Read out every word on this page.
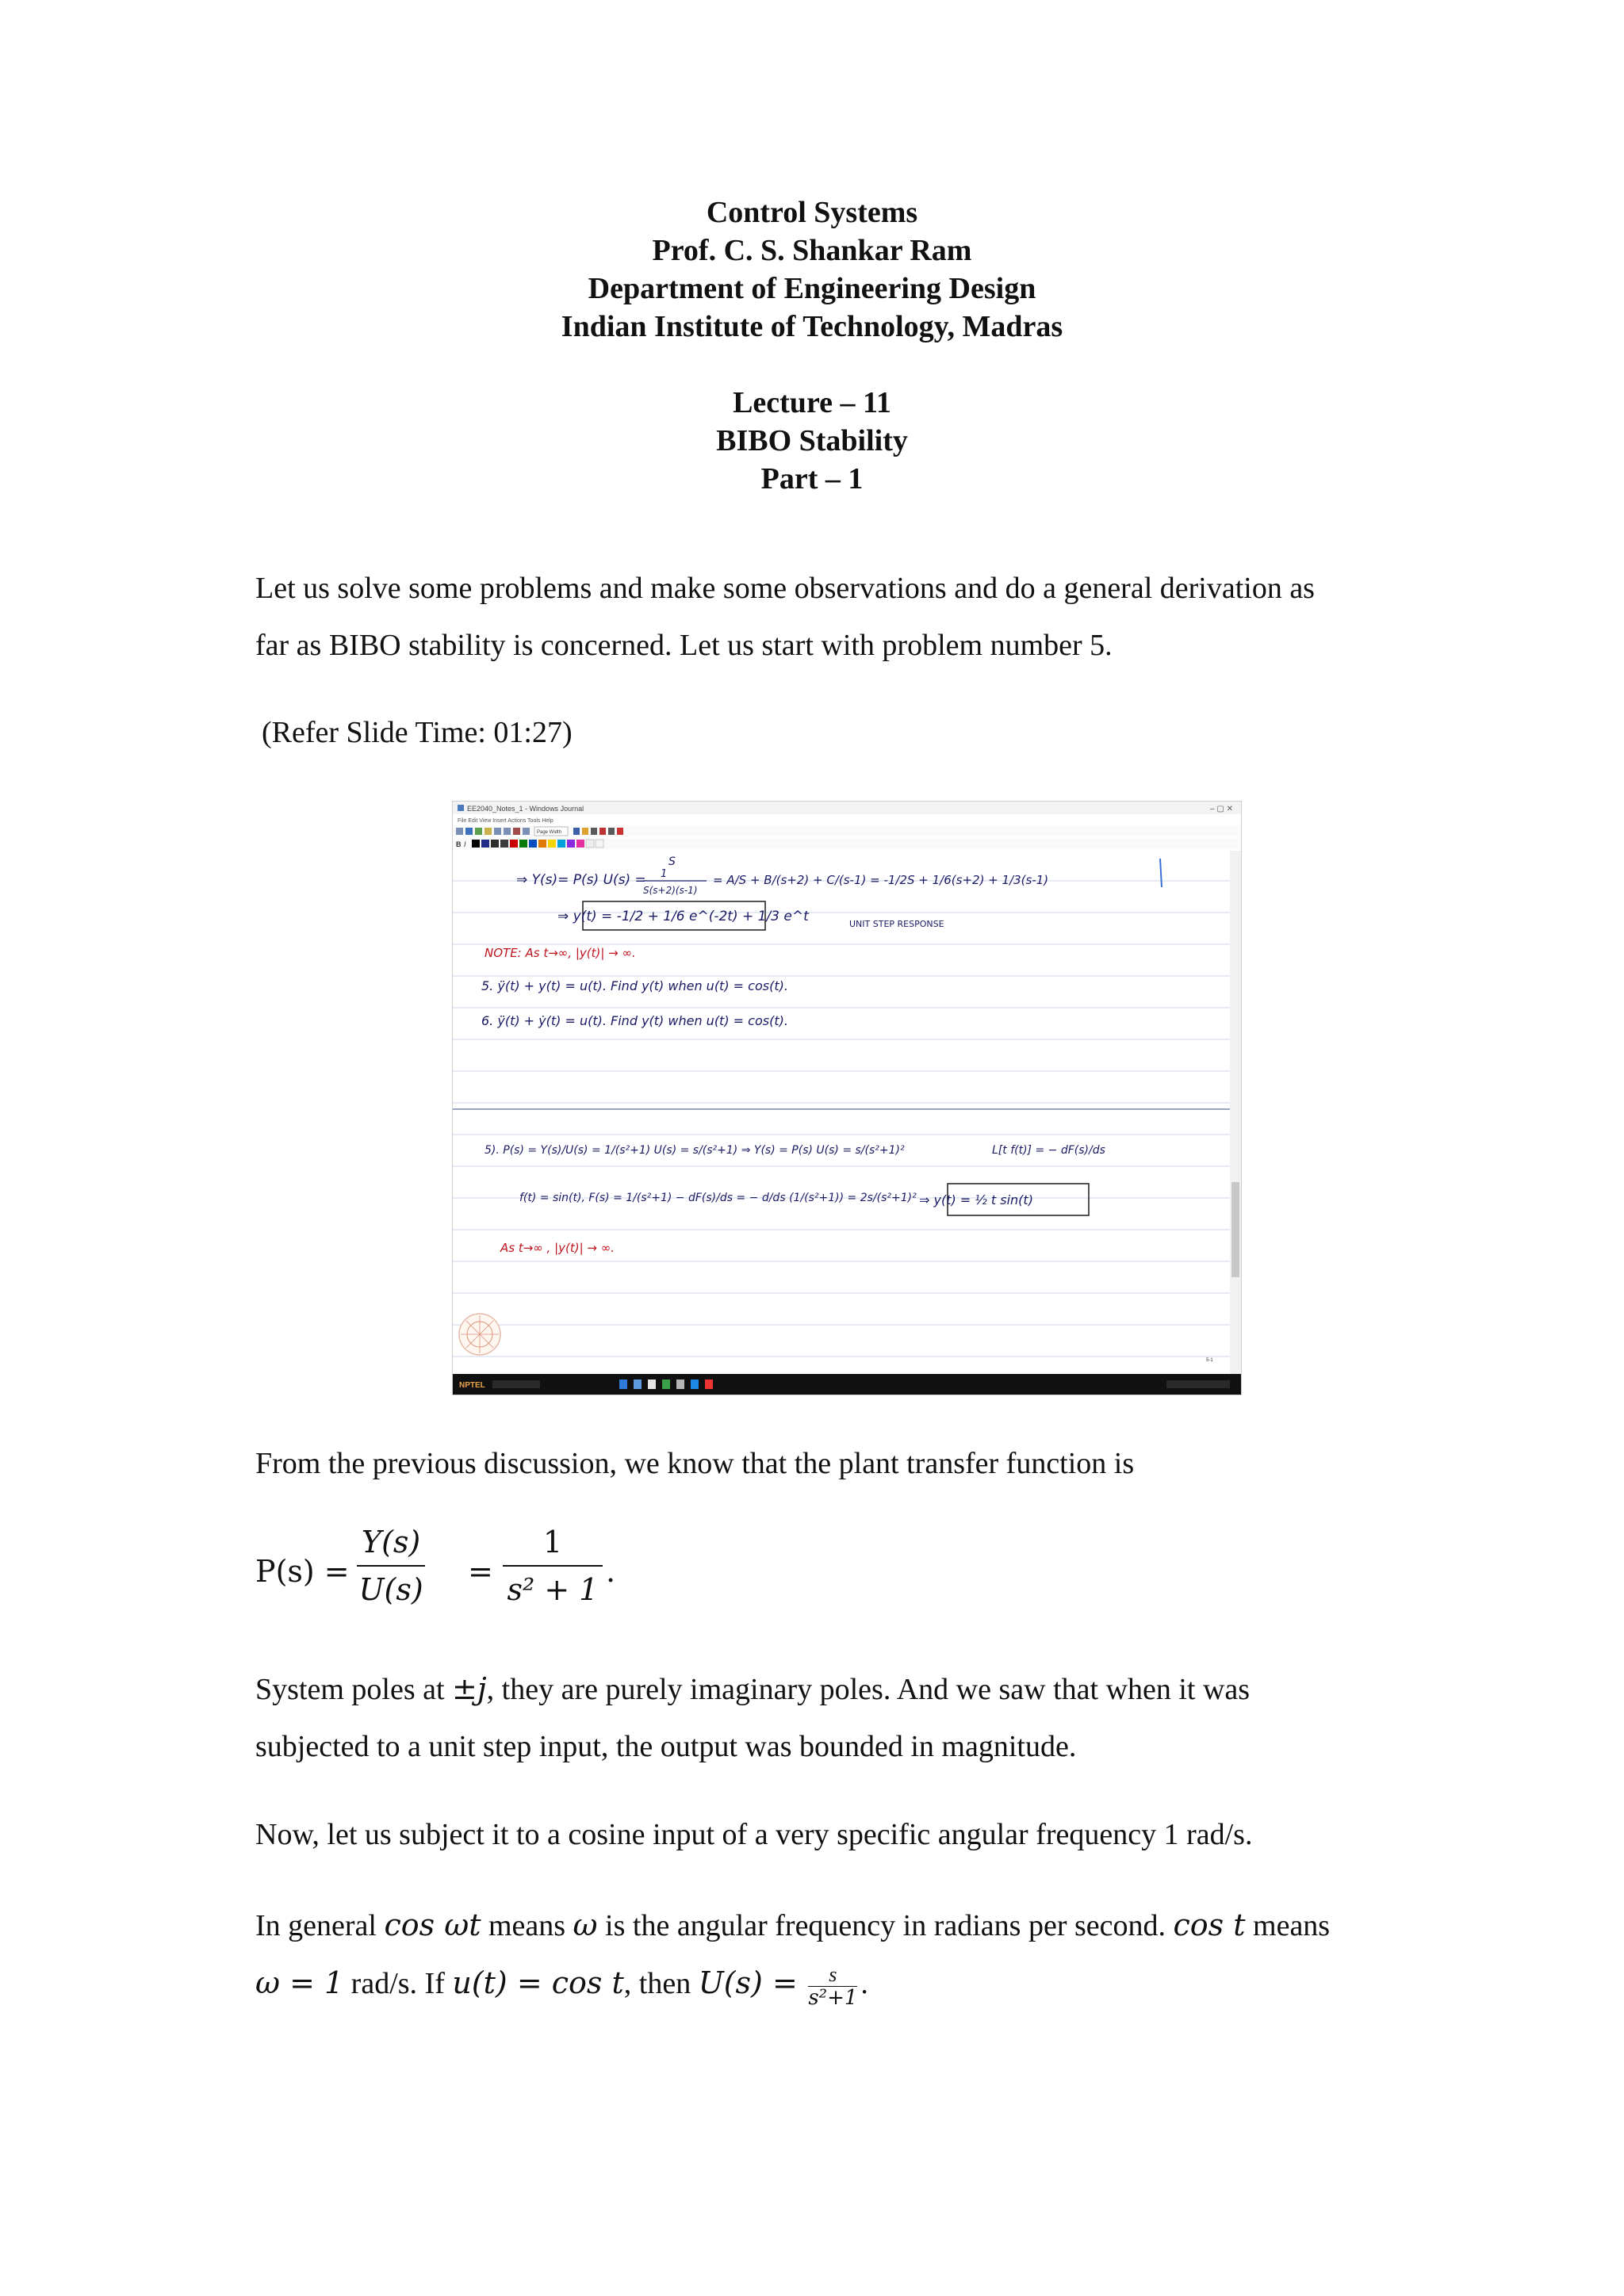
Control Systems
Prof. C. S. Shankar Ram
Department of Engineering Design
Indian Institute of Technology, Madras
Lecture – 11
BIBO Stability
Part – 1
Let us solve some problems and make some observations and do a general derivation as
far as BIBO stability is concerned. Let us start with problem number 5.
(Refer Slide Time: 01:27)
EE2040_Notes_1 - Windows Journal	– ▢ ✕
File Edit View Insert Actions Tools Help
Page Width
B I
S
⇒ Y(s)= P(s) U(s) = 1
S(s+2)(s-1)
= A/S + B/(s+2) + C/(s-1) = -1/2S + 1/6(s+2) + 1/3(s-1)
⇒ y(t) = -1/2 + 1/6 e^(-2t) + 1/3 e^t	UNIT STEP RESPONSE
NOTE: As t→∞, |y(t)| → ∞.
5. ÿ(t) + y(t) = u(t). Find y(t) when u(t) = cos(t).
6. ÿ(t) + ẏ(t) = u(t). Find y(t) when u(t) = cos(t).
5). P(s) = Y(s)/U(s) = 1/(s²+1) U(s) = s/(s²+1) ⇒ Y(s) = P(s) U(s) = s/(s²+1)²	L[t f(t)] = − dF(s)/ds
f(t) = sin(t), F(s) = 1/(s²+1) − dF(s)/ds = − d/ds (1/(s²+1)) = 2s/(s²+1)² ⇒ y(t) = ½ t sin(t)
As t→∞ , |y(t)| → ∞.
5-1
NPTEL
From the previous discussion, we know that the plant transfer function is
$P(s) = \frac{Y(s)}{U(s)} = \frac{1}{\text{s² + 1}}$ .
System poles at ±j, they are purely imaginary poles. And we saw that when it was
subjected to a unit step input, the output was bounded in magnitude.
Now, let us subject it to a cosine input of a very specific angular frequency 1 rad/s.
In general cos ωt means ω is the angular frequency in radians per second. cos t means
ω = 1 rad/s. If u(t) = cos t, then $U(s) = \frac{s}{\text{s²+1}}$ .
